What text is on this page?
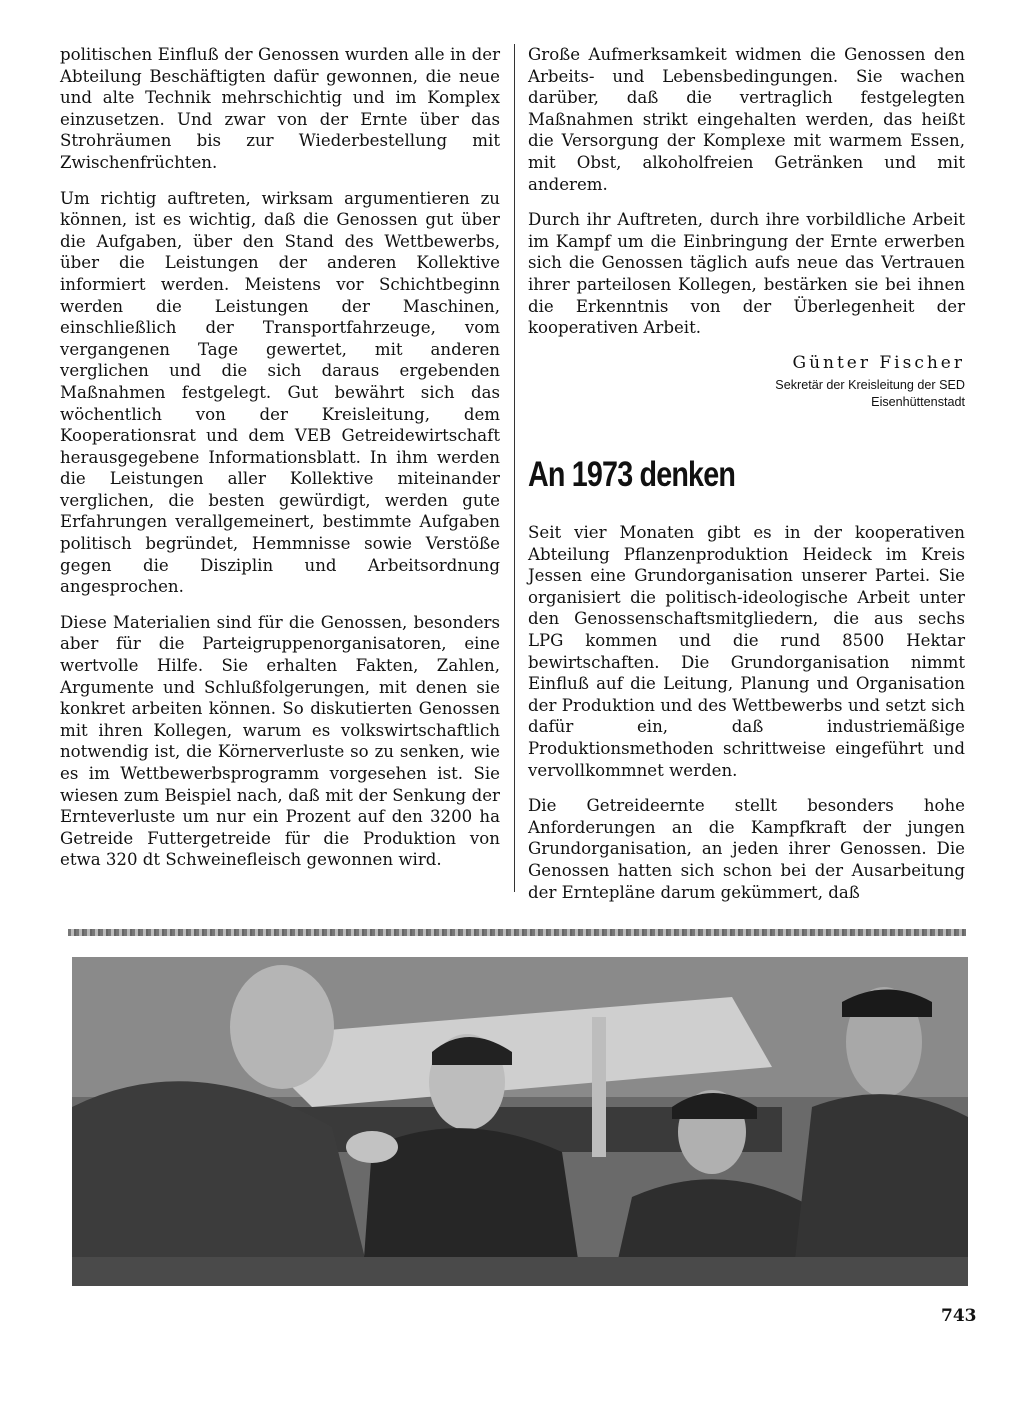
politischen Einfluß der Genossen wurden alle in der Abteilung Beschäftigten dafür gewonnen, die neue und alte Technik mehrschichtig und im Komplex einzusetzen. Und zwar von der Ernte über das Strohräumen bis zur Wiederbestellung mit Zwischenfrüchten.

Um richtig auftreten, wirksam argumentieren zu können, ist es wichtig, daß die Genossen gut über die Aufgaben, über den Stand des Wettbewerbs, über die Leistungen der anderen Kollektive informiert werden. Meistens vor Schichtbeginn werden die Leistungen der Maschinen, einschließlich der Transportfahrzeuge, vom vergangenen Tage gewertet, mit anderen verglichen und die sich daraus ergebenden Maßnahmen festgelegt. Gut bewährt sich das wöchentlich von der Kreisleitung, dem Kooperationsrat und dem VEB Getreidewirtschaft herausgegebene Informationsblatt. In ihm werden die Leistungen aller Kollektive miteinander verglichen, die besten gewürdigt, werden gute Erfahrungen verallgemeinert, bestimmte Aufgaben politisch begründet, Hemmnisse sowie Verstöße gegen die Disziplin und Arbeitsordnung angesprochen.

Diese Materialien sind für die Genossen, besonders aber für die Parteigruppenorganisatoren, eine wertvolle Hilfe. Sie erhalten Fakten, Zahlen, Argumente und Schlußfolgerungen, mit denen sie konkret arbeiten können. So diskutierten Genossen mit ihren Kollegen, warum es volkswirtschaftlich notwendig ist, die Körnerverluste so zu senken, wie es im Wettbewerbsprogramm vorgesehen ist. Sie wiesen zum Beispiel nach, daß mit der Senkung der Ernteverluste um nur ein Prozent auf den 3200 ha Getreide Futtergetreide für die Produktion von etwa 320 dt Schweinefleisch gewonnen wird.

Große Aufmerksamkeit widmen die Genossen den Arbeits- und Lebensbedingungen. Sie wachen darüber, daß die vertraglich festgelegten Maßnahmen strikt eingehalten werden, das heißt die Versorgung der Komplexe mit warmem Essen, mit Obst, alkoholfreien Getränken und mit anderem.

Durch ihr Auftreten, durch ihre vorbildliche Arbeit im Kampf um die Einbringung der Ernte erwerben sich die Genossen täglich aufs neue das Vertrauen ihrer parteilosen Kollegen, bestärken sie bei ihnen die Erkenntnis von der Überlegenheit der kooperativen Arbeit.

Günter Fischer
Sekretär der Kreisleitung der SED
Eisenhüttenstadt
An 1973 denken

Seit vier Monaten gibt es in der kooperativen Abteilung Pflanzenproduktion Heideck im Kreis Jessen eine Grundorganisation unserer Partei. Sie organisiert die politisch-ideologische Arbeit unter den Genossenschaftsmitgliedern, die aus sechs LPG kommen und die rund 8500 Hektar bewirtschaften. Die Grundorganisation nimmt Einfluß auf die Leitung, Planung und Organisation der Produktion und des Wettbewerbs und setzt sich dafür ein, daß industriemäßige Produktionsmethoden schrittweise eingeführt und vervollkommnet werden.

Die Getreideernte stellt besonders hohe Anforderungen an die Kampfkraft der jungen Grundorganisation, an jeden ihrer Genossen. Die Genossen hatten sich schon bei der Ausarbeitung der Erntepläne darum gekümmert, daß

743
